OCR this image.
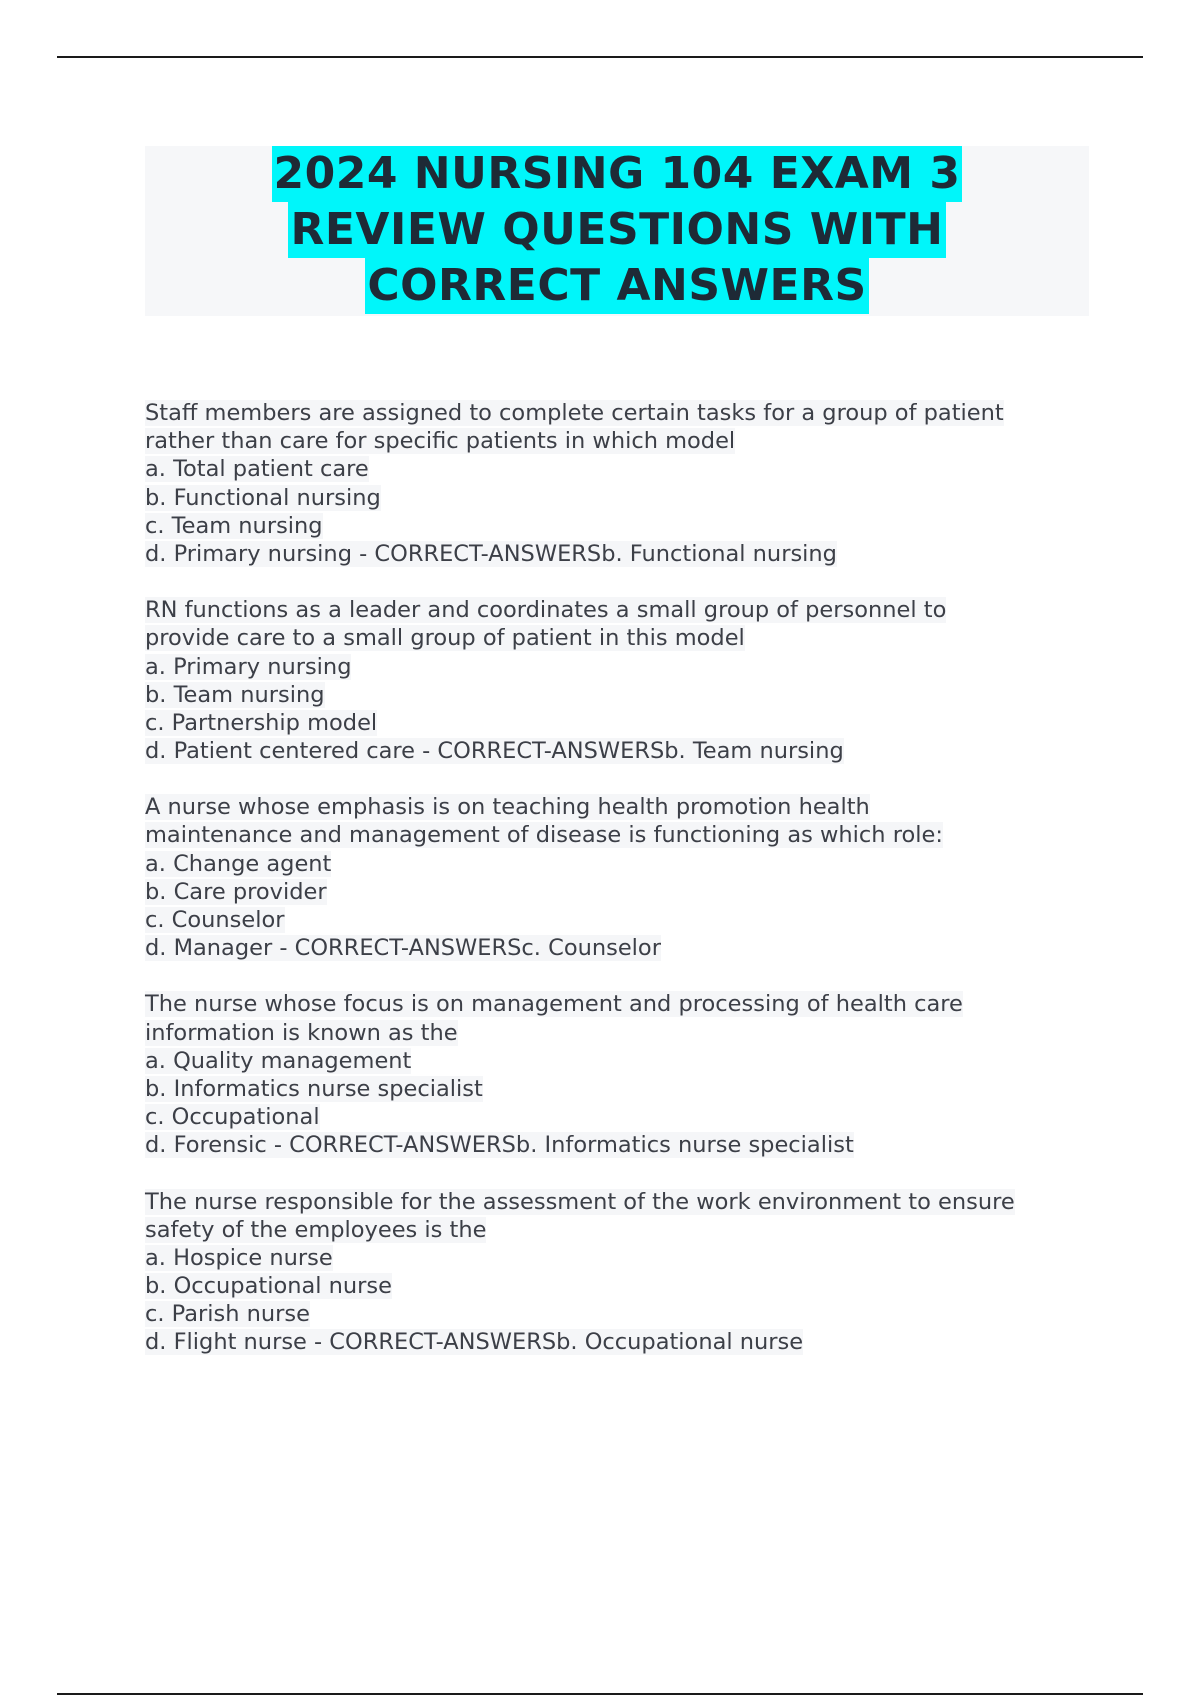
2024 NURSING 104 EXAM 3
REVIEW QUESTIONS WITH
CORRECT ANSWERS
Staff members are assigned to complete certain tasks for a group of patient
rather than care for specific patients in which model
a. Total patient care
b. Functional nursing
c. Team nursing
d. Primary nursing - CORRECT-ANSWERSb. Functional nursing
RN functions as a leader and coordinates a small group of personnel to
provide care to a small group of patient in this model
a. Primary nursing
b. Team nursing
c. Partnership model
d. Patient centered care - CORRECT-ANSWERSb. Team nursing
A nurse whose emphasis is on teaching health promotion health
maintenance and management of disease is functioning as which role:
a. Change agent
b. Care provider
c. Counselor
d. Manager - CORRECT-ANSWERSc. Counselor
The nurse whose focus is on management and processing of health care
information is known as the
a. Quality management
b. Informatics nurse specialist
c. Occupational
d. Forensic - CORRECT-ANSWERSb. Informatics nurse specialist
The nurse responsible for the assessment of the work environment to ensure
safety of the employees is the
a. Hospice nurse
b. Occupational nurse
c. Parish nurse
d. Flight nurse - CORRECT-ANSWERSb. Occupational nurse
